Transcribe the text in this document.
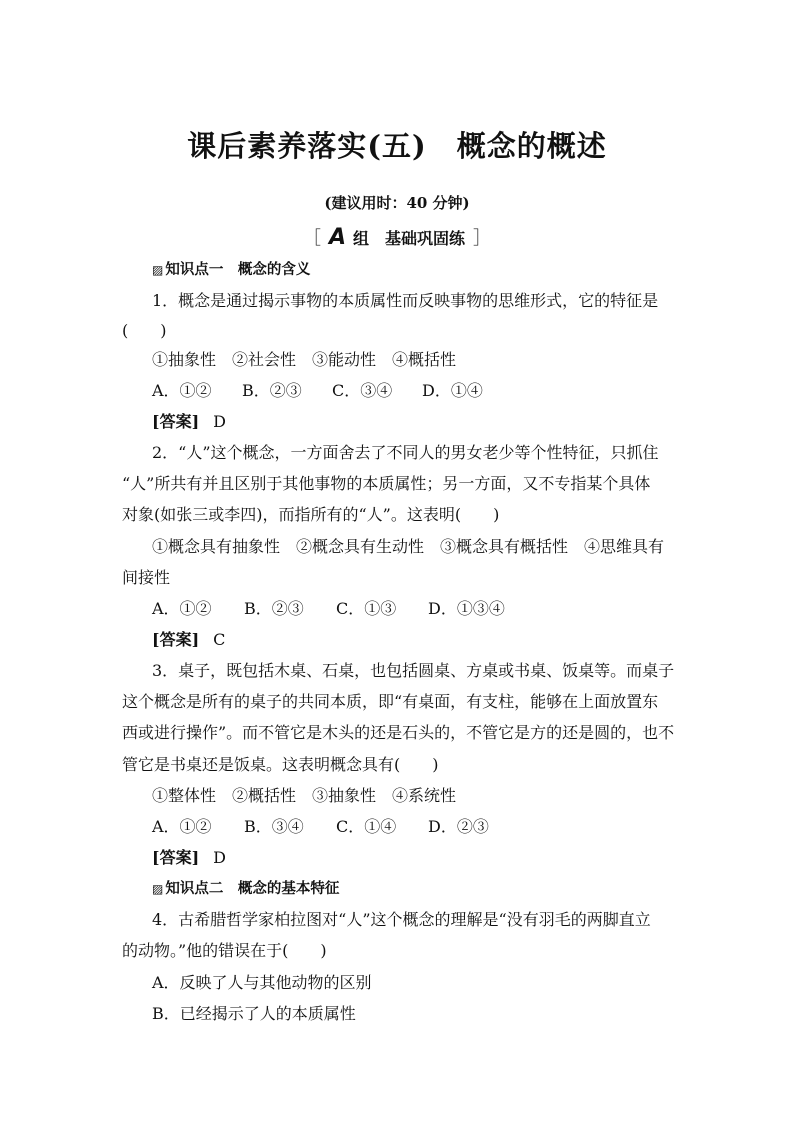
课后素养落实(五) 概念的概述
(建议用时：40 分钟)
［ A 组　基础巩固练 ］
▨ 知识点一　概念的含义
1．概念是通过揭示事物的本质属性而反映事物的思维形式，它的特征是
(　　)
①抽象性　②社会性　③能动性　④概括性
A．①② B．②③ C．③④ D．①④
[答案] D
2．“人”这个概念，一方面舍去了不同人的男女老少等个性特征，只抓住
“人”所共有并且区别于其他事物的本质属性；另一方面，又不专指某个具体
对象(如张三或李四)，而指所有的“人”。这表明(　　)
①概念具有抽象性　②概念具有生动性　③概念具有概括性　④思维具有
间接性
A．①② B．②③ C．①③ D．①③④
[答案] C
3．桌子，既包括木桌、石桌，也包括圆桌、方桌或书桌、饭桌等。而桌子
这个概念是所有的桌子的共同本质，即“有桌面，有支柱，能够在上面放置东
西或进行操作”。而不管它是木头的还是石头的，不管它是方的还是圆的，也不
管它是书桌还是饭桌。这表明概念具有(　　)
①整体性　②概括性　③抽象性　④系统性
A．①② B．③④ C．①④ D．②③
[答案] D
▨ 知识点二　概念的基本特征
4．古希腊哲学家柏拉图对“人”这个概念的理解是“没有羽毛的两脚直立
的动物。”他的错误在于(　　)
A．反映了人与其他动物的区别
B．已经揭示了人的本质属性
